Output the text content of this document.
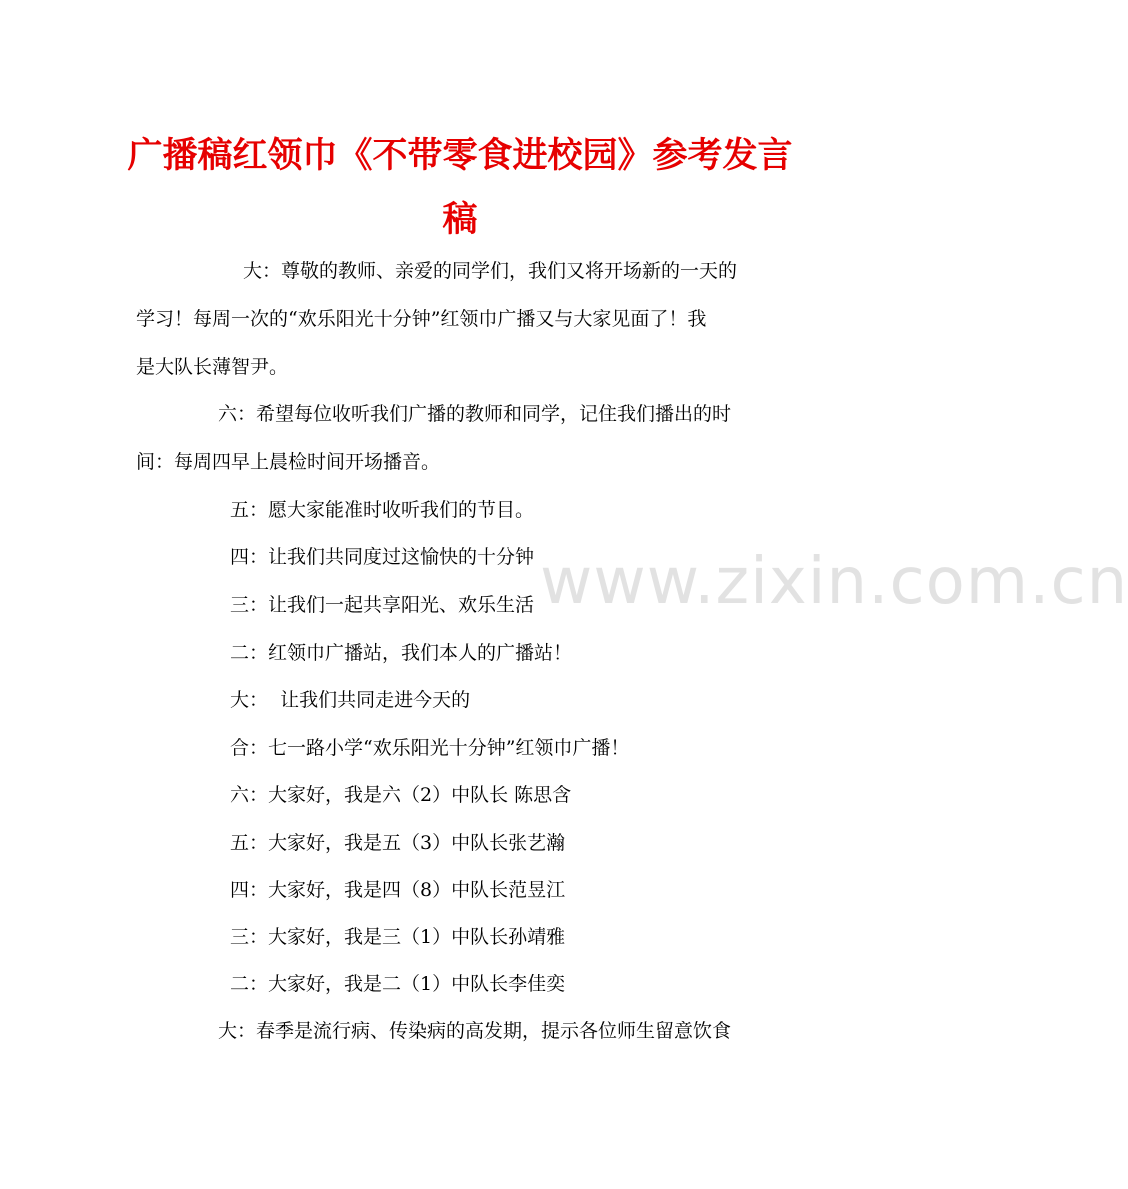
广播稿红领巾《不带零食进校园》参考发言
稿
www.zixin.com.cn
大：尊敬的教师、亲爱的同学们，我们又将开场新的一天的
学习！每周一次的“欢乐阳光十分钟”红领巾广播又与大家见面了！我
是大队长薄智尹。
六：希望每位收听我们广播的教师和同学，记住我们播出的时
间：每周四早上晨检时间开场播音。
五：愿大家能准时收听我们的节目。
四：让我们共同度过这愉快的十分钟
三：让我们一起共享阳光、欢乐生活
二：红领巾广播站，我们本人的广播站！
大：  让我们共同走进今天的
合：七一路小学“欢乐阳光十分钟”红领巾广播！
六：大家好，我是六（2）中队长 陈思含
五：大家好，我是五（3）中队长张艺瀚
四：大家好，我是四（8）中队长范昱江
三：大家好，我是三（1）中队长孙靖雅
二：大家好，我是二（1）中队长李佳奕
大：春季是流行病、传染病的高发期，提示各位师生留意饮食
